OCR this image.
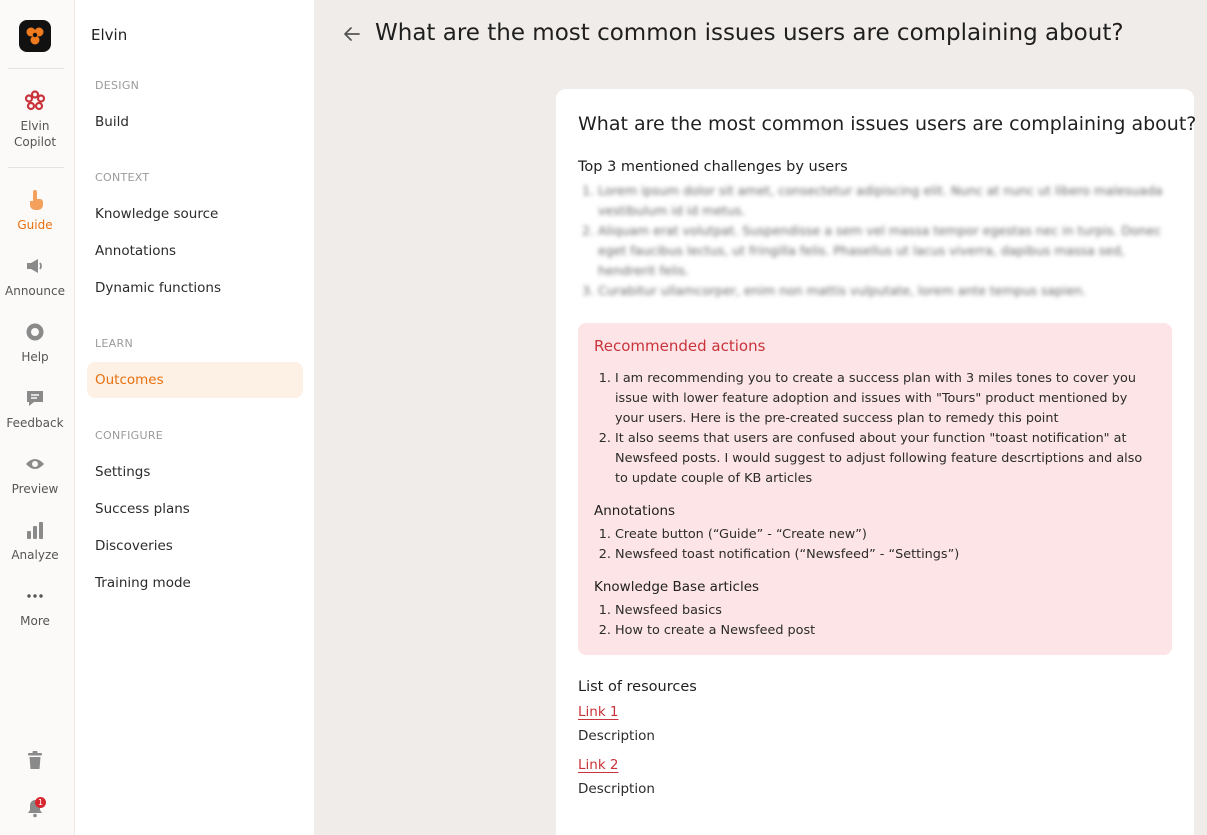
Elvin
Copilot
Guide
Announce
Help
Feedback
Preview
Analyze
More
1
Elvin
DESIGN
Build
CONTEXT
Knowledge source
Annotations
Dynamic functions
LEARN
Outcomes
CONFIGURE
Settings
Success plans
Discoveries
Training mode
What are the most common issues users are complaining about?
What are the most common issues users are complaining about?
Top 3 mentioned challenges by users
1. Lorem ipsum dolor sit amet, consectetur adipiscing elit. Nunc at nunc ut libero malesuada vestibulum id id metus.
2. Aliquam erat volutpat. Suspendisse a sem vel massa tempor egestas nec in turpis. Donec eget faucibus lectus, ut fringilla felis. Phasellus ut lacus viverra, dapibus massa sed, hendrerit felis.
3. Curabitur ullamcorper, enim non mattis vulputate, lorem ante tempus sapien.
Recommended actions
1. I am recommending you to create a success plan with 3 miles tones to cover you issue with lower feature adoption and issues with "Tours" product mentioned by your users. Here is the pre-created success plan to remedy this point
2. It also seems that users are confused about your function "toast notification" at Newsfeed posts. I would suggest to adjust following feature descrtiptions and also to update couple of KB articles
Annotations
1. Create button (“Guide” - “Create new”)
2. Newsfeed toast notification (“Newsfeed” - “Settings”)
Knowledge Base articles
1. Newsfeed basics
2. How to create a Newsfeed post
List of resources
Link 1
Description
Link 2
Description
